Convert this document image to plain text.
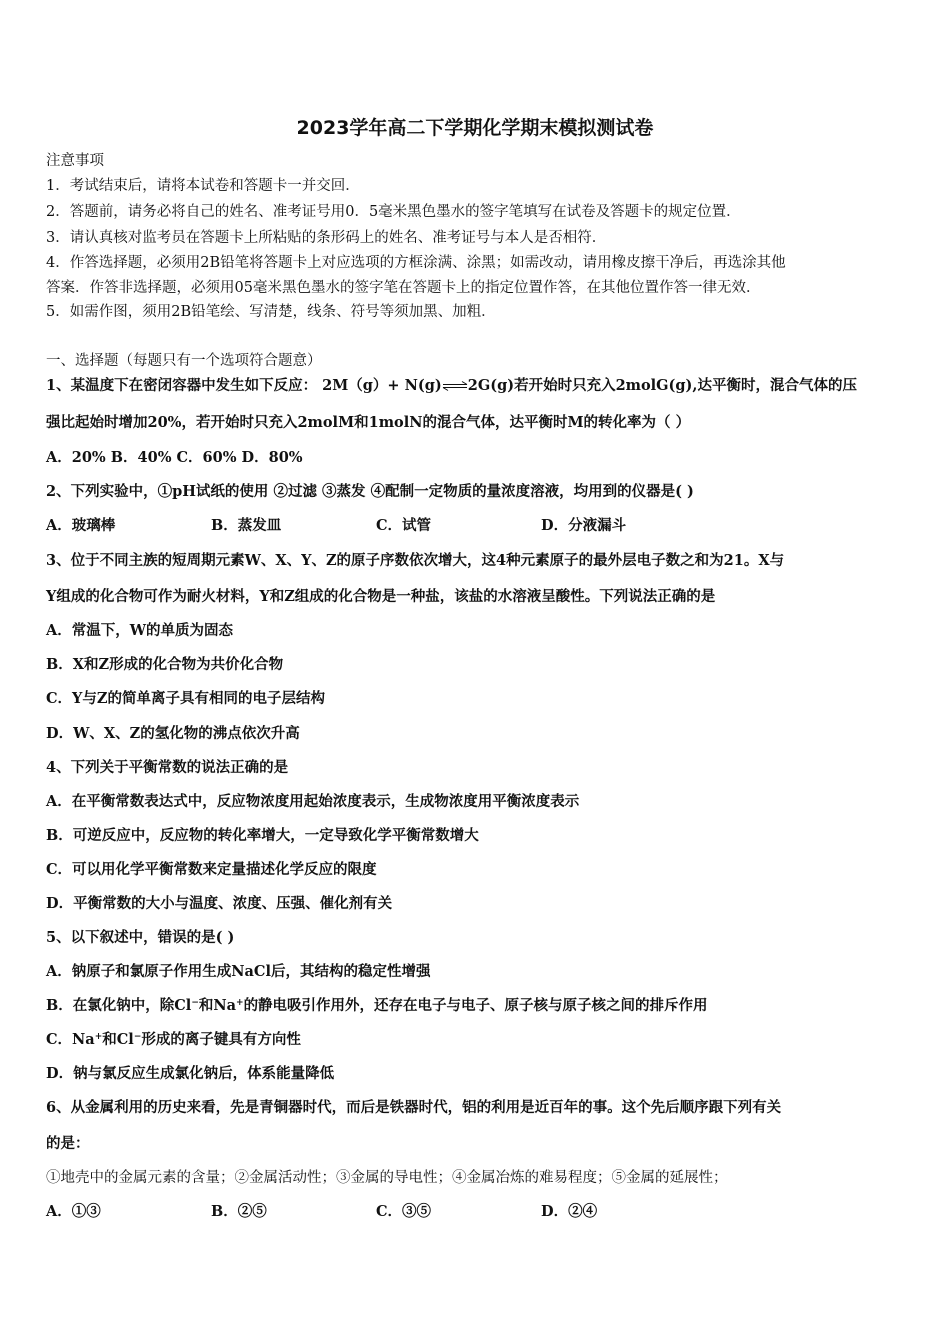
2023学年高二下学期化学期末模拟测试卷
注意事项
1．考试结束后，请将本试卷和答题卡一并交回．
2．答题前，请务必将自己的姓名、准考证号用0．5毫米黑色墨水的签字笔填写在试卷及答题卡的规定位置．
3．请认真核对监考员在答题卡上所粘贴的条形码上的姓名、准考证号与本人是否相符．
4．作答选择题，必须用2B铅笔将答题卡上对应选项的方框涂满、涂黑；如需改动，请用橡皮擦干净后，再选涂其他
答案．作答非选择题，必须用05毫米黑色墨水的签字笔在答题卡上的指定位置作答，在其他位置作答一律无效．
5．如需作图，须用2B铅笔绘、写清楚，线条、符号等须加黑、加粗．
一、选择题（每题只有一个选项符合题意）
1、某温度下在密闭容器中发生如下反应： 2M（g）+ N(g)⇌2G(g)若开始时只充入2molG(g),达平衡时，混合气体的压
强比起始时增加20%，若开始时只充入2molM和1molN的混合气体，达平衡时M的转化率为（ ）
A．20% B．40% C．60% D．80%
2、下列实验中，①pH试纸的使用 ②过滤 ③蒸发 ④配制一定物质的量浓度溶液，均用到的仪器是( )
A．玻璃棒	B．蒸发皿	C．试管	D．分液漏斗
3、位于不同主族的短周期元素W、X、Y、Z的原子序数依次增大，这4种元素原子的最外层电子数之和为21。X与
Y组成的化合物可作为耐火材料，Y和Z组成的化合物是一种盐，该盐的水溶液呈酸性。下列说法正确的是
A．常温下，W的单质为固态
B．X和Z形成的化合物为共价化合物
C．Y与Z的简单离子具有相同的电子层结构
D．W、X、Z的氢化物的沸点依次升高
4、下列关于平衡常数的说法正确的是
A．在平衡常数表达式中，反应物浓度用起始浓度表示，生成物浓度用平衡浓度表示
B．可逆反应中，反应物的转化率增大，一定导致化学平衡常数增大
C．可以用化学平衡常数来定量描述化学反应的限度
D．平衡常数的大小与温度、浓度、压强、催化剂有关
5、以下叙述中，错误的是( )
A．钠原子和氯原子作用生成NaCl后，其结构的稳定性增强
B．在氯化钠中，除Cl−和Na+的静电吸引作用外，还存在电子与电子、原子核与原子核之间的排斥作用
C．Na+和Cl−形成的离子键具有方向性
D．钠与氯反应生成氯化钠后，体系能量降低
6、从金属利用的历史来看，先是青铜器时代，而后是铁器时代，铝的利用是近百年的事。这个先后顺序跟下列有关
的是：
①地壳中的金属元素的含量；②金属活动性；③金属的导电性；④金属冶炼的难易程度；⑤金属的延展性；
A．①③	B．②⑤	C．③⑤	D．②④
